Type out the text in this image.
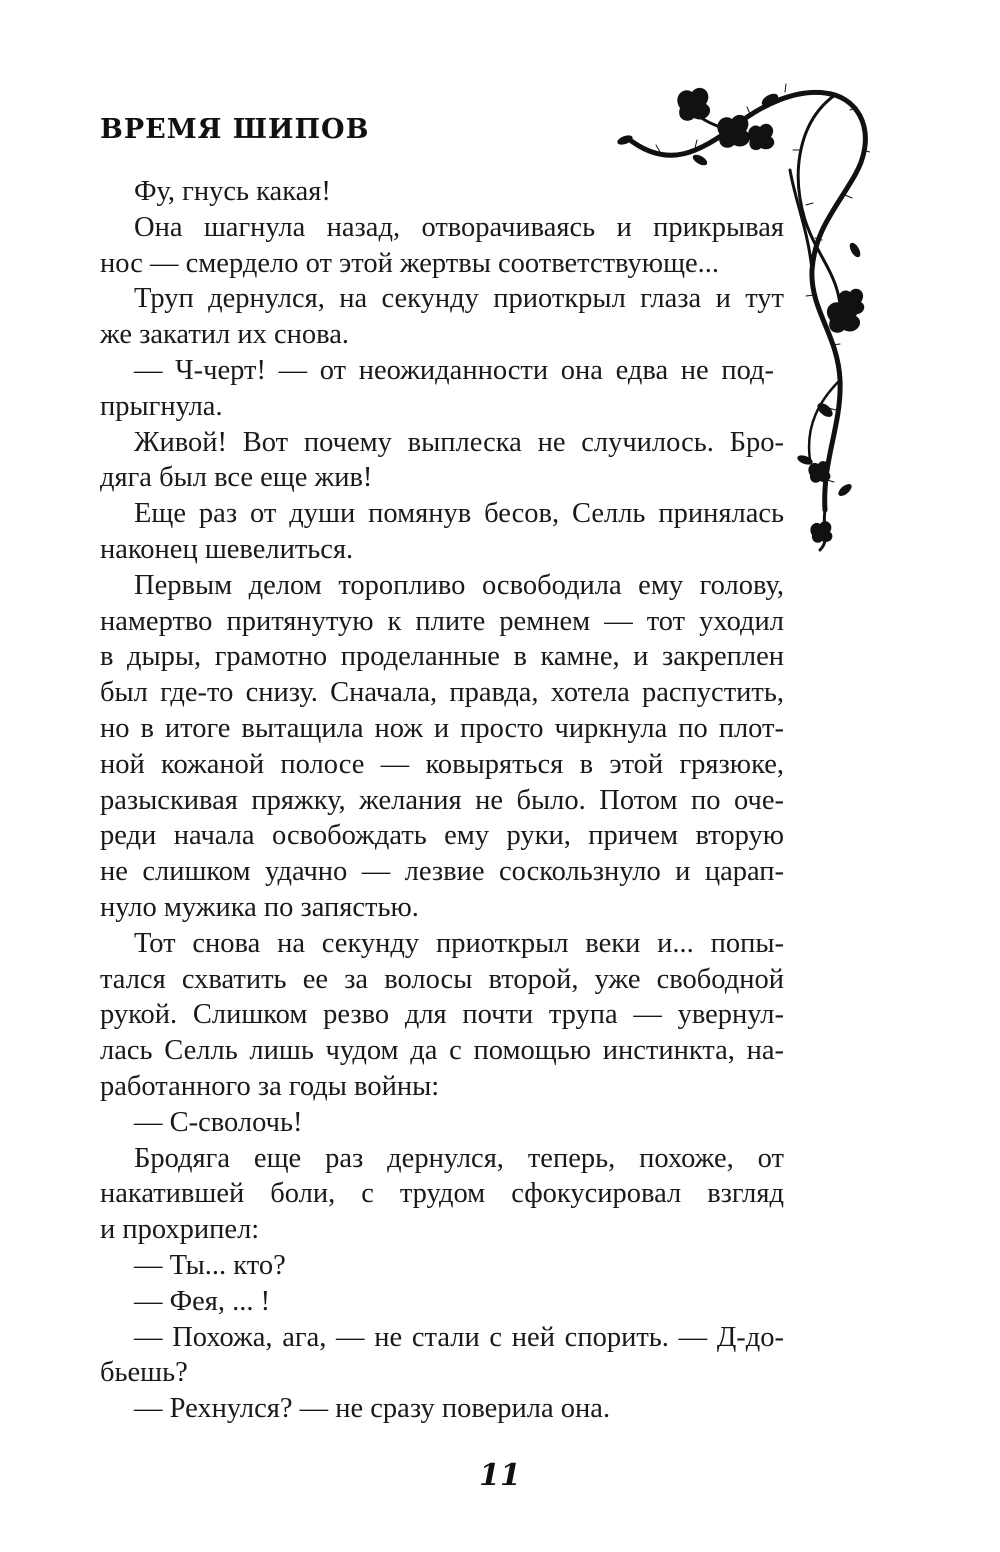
ВРЕМЯ ШИПОВ
Фу, гнусь какая!
Она шагнула назад, отворачиваясь и прикрывая
нос — смердело от этой жертвы соответствующе...
Труп дернулся, на секунду приоткрыл глаза и тут
же закатил их снова.
— Ч-черт! — от неожиданности она едва не под-
прыгнула.
Живой! Вот почему выплеска не случилось. Бро-
дяга был все еще жив!
Еще раз от души помянув бесов, Селль принялась
наконец шевелиться.
Первым делом торопливо освободила ему голову,
намертво притянутую к плите ремнем — тот уходил
в дыры, грамотно проделанные в камне, и закреплен
был где-то снизу. Сначала, правда, хотела распустить,
но в итоге вытащила нож и просто чиркнула по плот-
ной кожаной полосе — ковыряться в этой грязюке,
разыскивая пряжку, желания не было. Потом по оче-
реди начала освобождать ему руки, причем вторую
не слишком удачно — лезвие соскользнуло и царап-
нуло мужика по запястью.
Тот снова на секунду приоткрыл веки и... попы-
тался схватить ее за волосы второй, уже свободной
рукой. Слишком резво для почти трупа — увернул-
лась Селль лишь чудом да с помощью инстинкта, на-
работанного за годы войны:
— С-сволочь!
Бродяга еще раз дернулся, теперь, похоже, от
накатившей боли, с трудом сфокусировал взгляд
и прохрипел:
— Ты... кто?
— Фея, ... !
— Похожа, ага, — не стали с ней спорить. — Д-до-
бьешь?
— Рехнулся? — не сразу поверила она.
11
